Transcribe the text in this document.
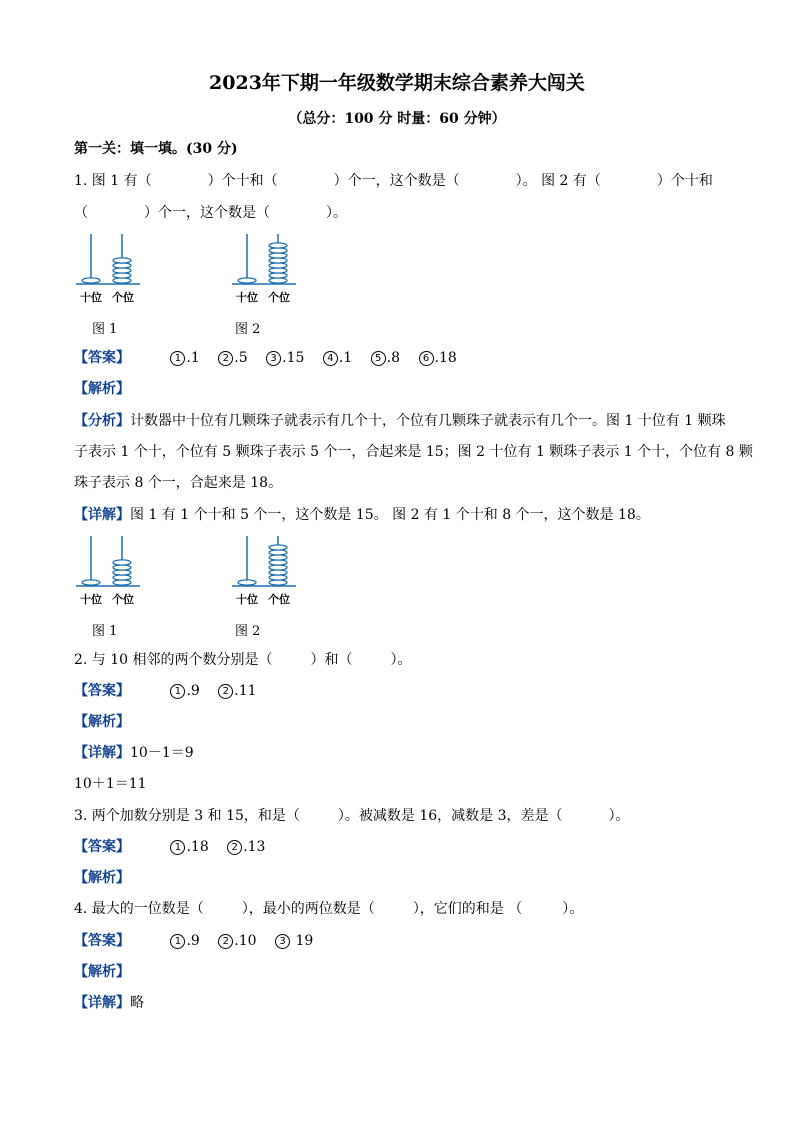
2023年下期一年级数学期末综合素养大闯关
（总分：100 分 时量：60 分钟）
第一关：填一填。(30 分)
1. 图 1 有（	）个十和（	）个一，这个数是（	）。 图 2 有（	）个十和
（	）个一，这个数是（	）。
十位 个位	十位 个位
图 1	图 2
【答案】	1 .1 2 .5 3 .15 4 .1 5 .8 6 .18
【解析】
【分析】计数器中十位有几颗珠子就表示有几个十，个位有几颗珠子就表示有几个一。图 1 十位有 1 颗珠
子表示 1 个十，个位有 5 颗珠子表示 5 个一，合起来是 15；图 2 十位有 1 颗珠子表示 1 个十，个位有 8 颗
珠子表示 8 个一，合起来是 18。
【详解】图 1 有 1 个十和 5 个一，这个数是 15。 图 2 有 1 个十和 8 个一，这个数是 18。
十位 个位	十位 个位
图 1	图 2
2. 与 10 相邻的两个数分别是（	）和（	）。
【答案】	1 .9 2 .11
【解析】
【详解】10－1＝9
10＋1＝11
3. 两个加数分别是 3 和 15，和是（	）。被减数是 16，减数是 3，差是（	）。
【答案】	1 .18 2 .13
【解析】
4. 最大的一位数是（	），最小的两位数是（	），它们的和是 （	）。
【答案】	1 .9 2 .10 3 19
【解析】
【详解】略
